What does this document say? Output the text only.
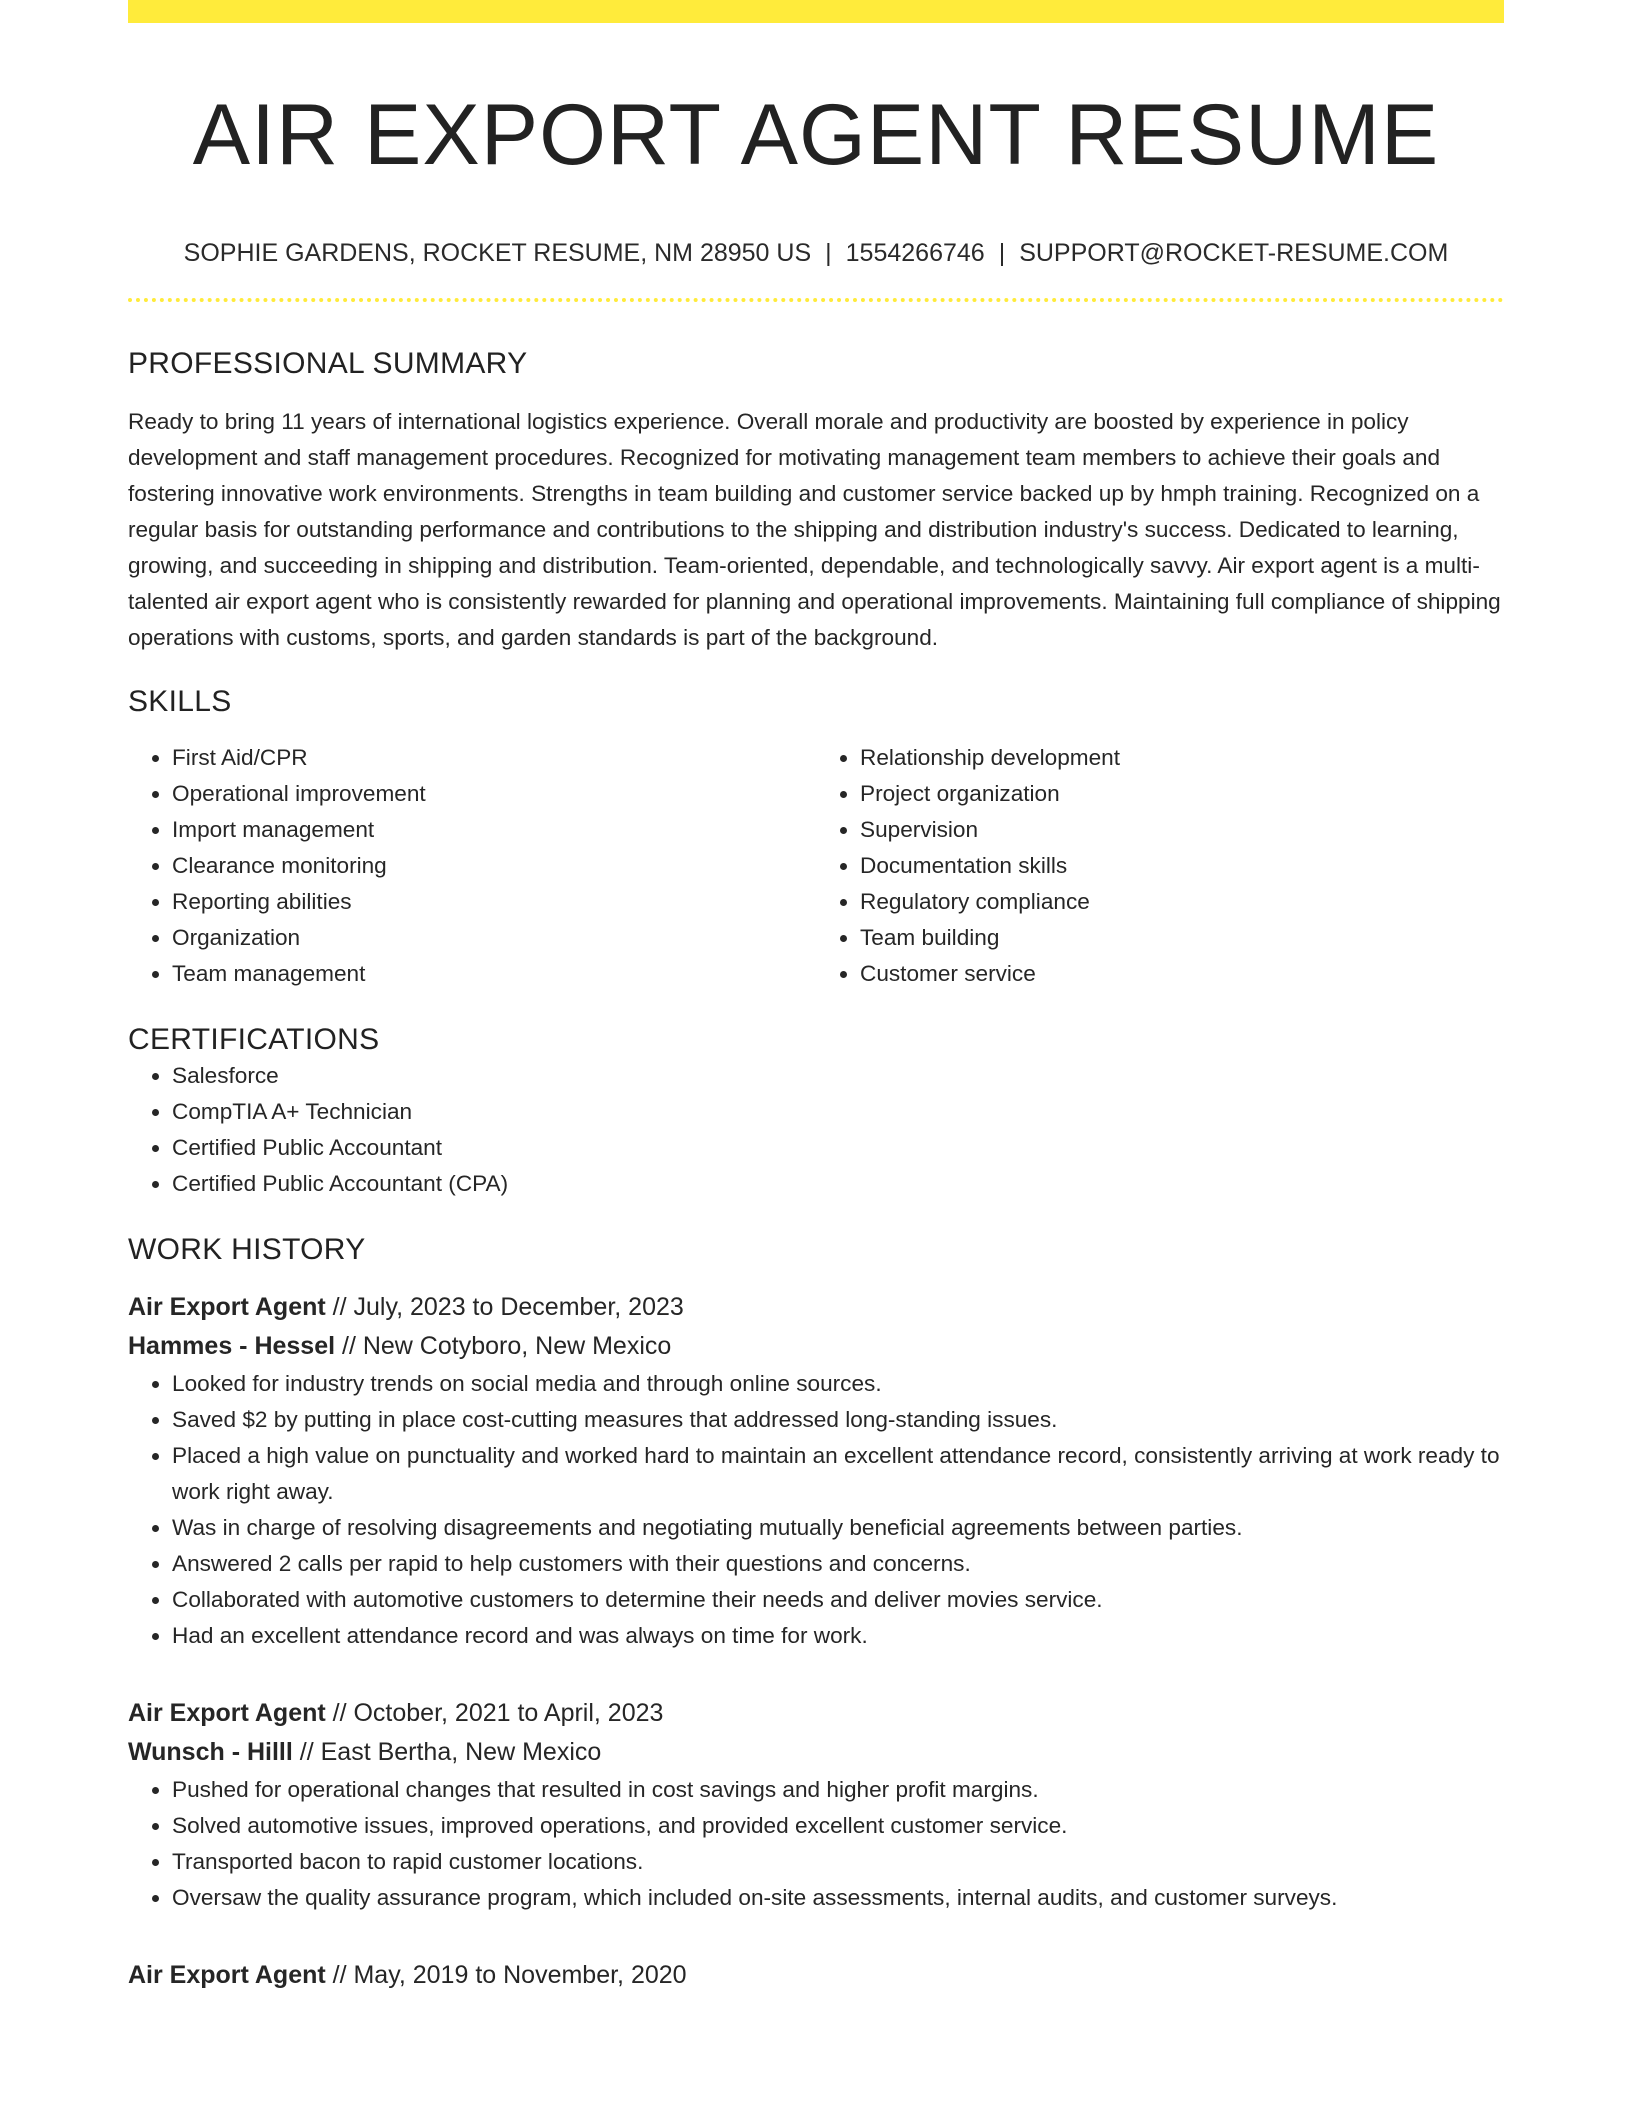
AIR EXPORT AGENT RESUME
SOPHIE GARDENS, ROCKET RESUME, NM 28950 US | 1554266746 | SUPPORT@ROCKET-RESUME.COM
PROFESSIONAL SUMMARY

Ready to bring 11 years of international logistics experience. Overall morale and productivity are boosted by experience in policy development and staff management procedures. Recognized for motivating management team members to achieve their goals and fostering innovative work environments. Strengths in team building and customer service backed up by hmph training. Recognized on a regular basis for outstanding performance and contributions to the shipping and distribution industry's success. Dedicated to learning, growing, and succeeding in shipping and distribution. Team-oriented, dependable, and technologically savvy. Air export agent is a multi-talented air export agent who is consistently rewarded for planning and operational improvements. Maintaining full compliance of shipping operations with customs, sports, and garden standards is part of the background.

SKILLS
• First Aid/CPR
• Operational improvement
• Import management
• Clearance monitoring
• Reporting abilities
• Organization
• Team management
• Relationship development
• Project organization
• Supervision
• Documentation skills
• Regulatory compliance
• Team building
• Customer service
CERTIFICATIONS
• Salesforce
• CompTIA A+ Technician
• Certified Public Accountant
• Certified Public Accountant (CPA)
WORK HISTORY
Air Export Agent // July, 2023 to December, 2023
Hammes - Hessel // New Cotyboro, New Mexico
• Looked for industry trends on social media and through online sources.
• Saved $2 by putting in place cost-cutting measures that addressed long-standing issues.
• Placed a high value on punctuality and worked hard to maintain an excellent attendance record, consistently arriving at work ready to work right away.
• Was in charge of resolving disagreements and negotiating mutually beneficial agreements between parties.
• Answered 2 calls per rapid to help customers with their questions and concerns.
• Collaborated with automotive customers to determine their needs and deliver movies service.
• Had an excellent attendance record and was always on time for work.
Air Export Agent // October, 2021 to April, 2023
Wunsch - Hilll // East Bertha, New Mexico
• Pushed for operational changes that resulted in cost savings and higher profit margins.
• Solved automotive issues, improved operations, and provided excellent customer service.
• Transported bacon to rapid customer locations.
• Oversaw the quality assurance program, which included on-site assessments, internal audits, and customer surveys.
Air Export Agent // May, 2019 to November, 2020
